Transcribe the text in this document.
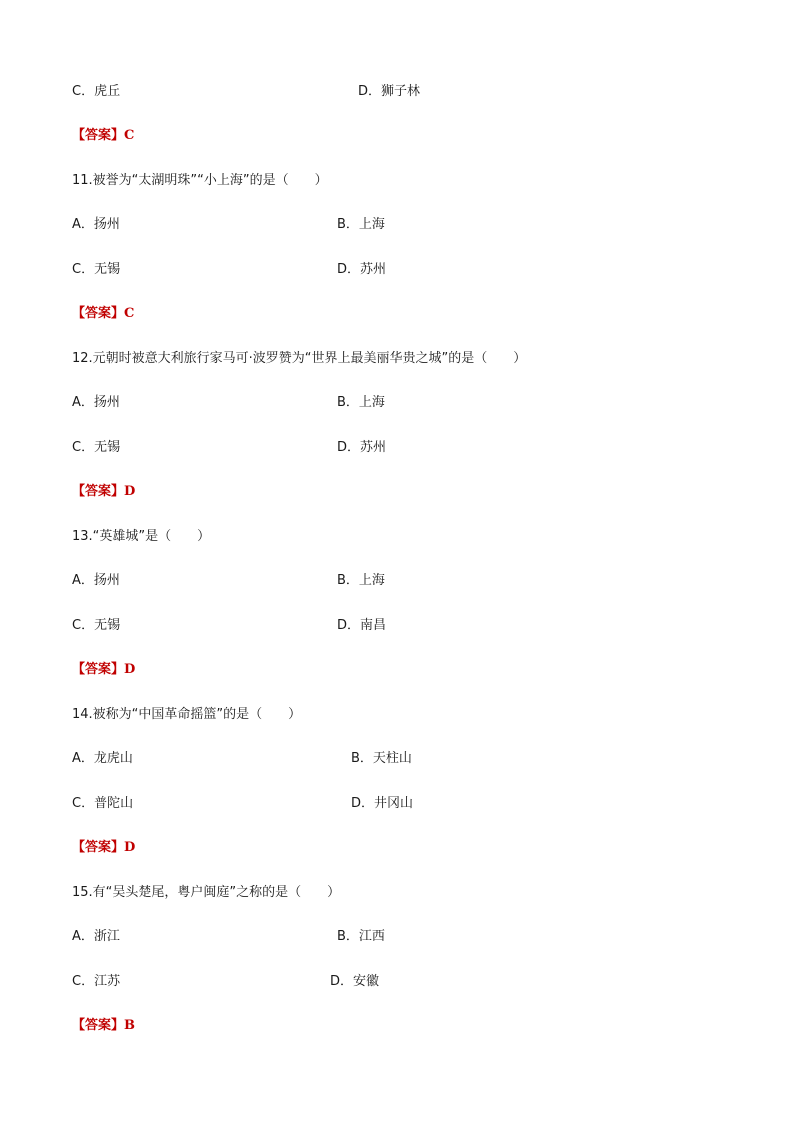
C．虎丘	D．狮子林
【答案】C
11.被誉为“太湖明珠”“小上海”的是（　　）
A．扬州	B．上海
C．无锡	D．苏州
【答案】C
12.元朝时被意大利旅行家马可·波罗赞为“世界上最美丽华贵之城”的是（　　）
A．扬州	B．上海
C．无锡	D．苏州
【答案】D
13.“英雄城”是（　　）
A．扬州	B．上海
C．无锡	D．南昌
【答案】D
14.被称为“中国革命摇篮”的是（　　）
A．龙虎山	B．天柱山
C．普陀山	D．井冈山
【答案】D
15.有“吴头楚尾，粤户闽庭”之称的是（　　）
A．浙江	B．江西
C．江苏	D．安徽
【答案】B
